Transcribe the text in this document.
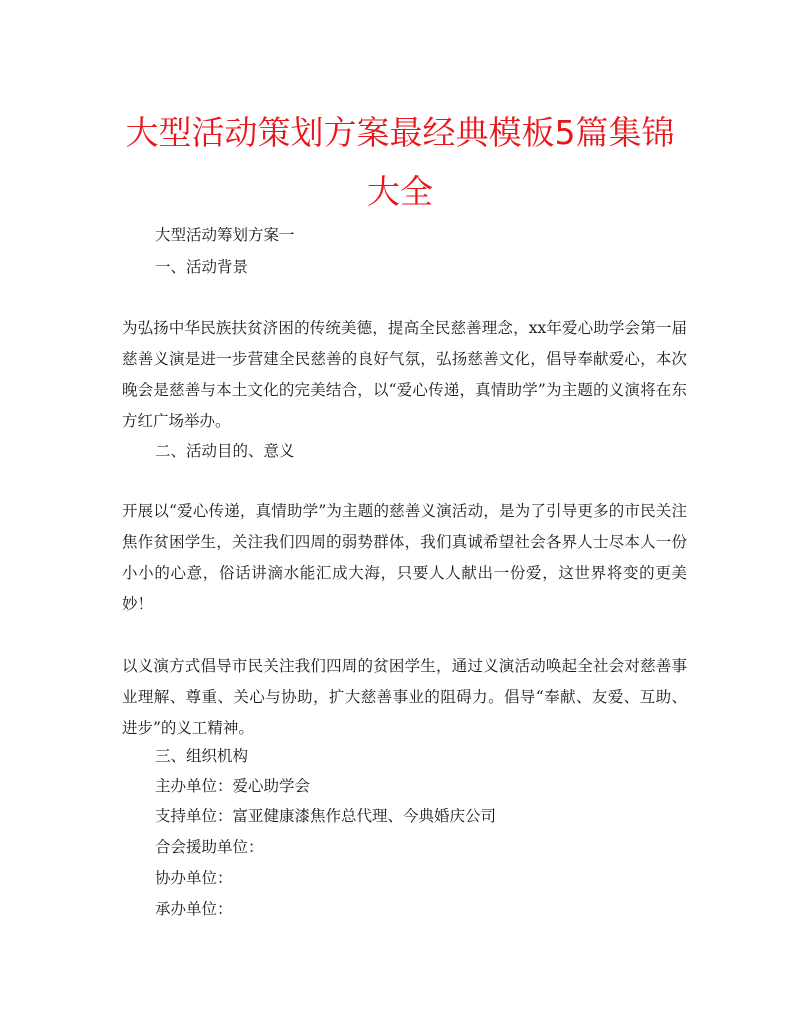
大型活动策划方案最经典模板5篇集锦大全

大型活动筹划方案一

一、活动背景

为弘扬中华民族扶贫济困的传统美德，提高全民慈善理念，xx年爱心助学会第一届慈善义演是进一步营建全民慈善的良好气氛，弘扬慈善文化，倡导奉献爱心，本次晚会是慈善与本土文化的完美结合，以“爱心传递，真情助学”为主题的义演将在东方红广场举办。

二、活动目的、意义

开展以“爱心传递，真情助学”为主题的慈善义演活动，是为了引导更多的市民关注焦作贫困学生，关注我们四周的弱势群体，我们真诚希望社会各界人士尽本人一份小小的心意，俗话讲滴水能汇成大海，只要人人献出一份爱，这世界将变的更美妙！

以义演方式倡导市民关注我们四周的贫困学生，通过义演活动唤起全社会对慈善事业理解、尊重、关心与协助，扩大慈善事业的阻碍力。倡导“奉献、友爱、互助、进步”的义工精神。

三、组织机构

主办单位：爱心助学会

支持单位：富亚健康漆焦作总代理、今典婚庆公司

合会援助单位：

协办单位：

承办单位：
